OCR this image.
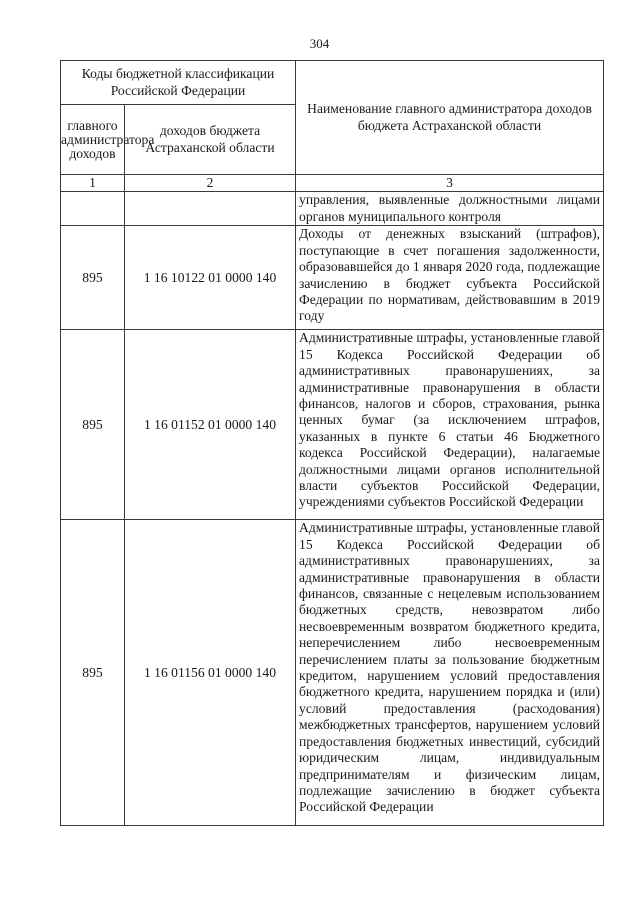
304
Коды бюджетной классификации Российской Федерации		Наименование главного администратора доходов бюджета Астраханской области
главного администратора доходов	доходов бюджета Астраханской области	
1	2	3
		управления, выявленные должностными лицами органов муниципального контроля
895	1 16 10122 01 0000 140	Доходы от денежных взысканий (штрафов), поступающие в счет погашения задолженности, образовавшейся до 1 января 2020 года, подлежащие зачислению в бюджет субъекта Российской Федерации по нормативам, действовавшим в 2019 году
895	1 16 01152 01 0000 140	Административные штрафы, установленные главой 15 Кодекса Российской Федерации об административных правонарушениях, за административные правонарушения в области финансов, налогов и сборов, страхования, рынка ценных бумаг (за исключением штрафов, указанных в пункте 6 статьи 46 Бюджетного кодекса Российской Федерации), налагаемые должностными лицами органов исполнительной власти субъектов Российской Федерации, учреждениями субъектов Российской Федерации
895	1 16 01156 01 0000 140	Административные штрафы, установленные главой 15 Кодекса Российской Федерации об административных правонарушениях, за административные правонарушения в области финансов, связанные с нецелевым использованием бюджетных средств, невозвратом либо несвоевременным возвратом бюджетного кредита, неперечислением либо несвоевременным перечислением платы за пользование бюджетным кредитом, нарушением условий предоставления бюджетного кредита, нарушением порядка и (или) условий предоставления (расходования) межбюджетных трансфертов, нарушением условий предоставления бюджетных инвестиций, субсидий юридическим лицам, индивидуальным предпринимателям и физическим лицам, подлежащие зачислению в бюджет субъекта Российской Федерации
